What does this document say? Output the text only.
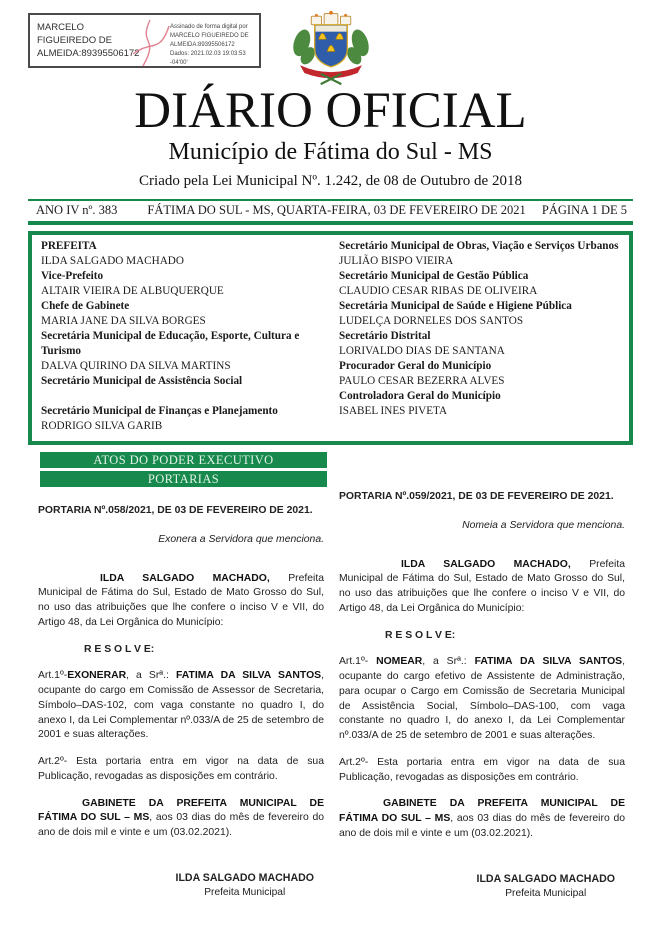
MARCELO FIGUEIREDO DE ALMEIDA:89395506172
Assinado de forma digital por MARCELO FIGUEIREDO DE ALMEIDA:89395506172
Dados: 2021.02.03 19:03:53 -04'00'
DIÁRIO OFICIAL
Município de Fátima do Sul - MS
Criado pela Lei Municipal Nº. 1.242, de 08 de Outubro de 2018
ANO IV nº. 383 FÁTIMA DO SUL - MS, QUARTA-FEIRA, 03 DE FEVEREIRO DE 2021	PÁGINA 1 DE 5
PREFEITA
ILDA SALGADO MACHADO
Vice-Prefeito
ALTAIR VIEIRA DE ALBUQUERQUE
Chefe de Gabinete
MARIA JANE DA SILVA BORGES
Secretária Municipal de Educação, Esporte, Cultura e Turismo
DALVA QUIRINO DA SILVA MARTINS
Secretário Municipal de Assistência Social
Secretário Municipal de Finanças e Planejamento
RODRIGO SILVA GARIB
Secretário Municipal de Obras, Viação e Serviços Urbanos
JULIÃO BISPO VIEIRA
Secretário Municipal de Gestão Pública
CLAUDIO CESAR RIBAS DE OLIVEIRA
Secretária Municipal de Saúde e Higiene Pública
LUDELÇA DORNELES DOS SANTOS
Secretário Distrital
LORIVALDO DIAS DE SANTANA
Procurador Geral do Município
PAULO CESAR BEZERRA ALVES
Controladora Geral do Município
ISABEL INES PIVETA
ATOS DO PODER EXECUTIVO
PORTARIAS

PORTARIA Nº.058/2021, DE 03 DE FEVEREIRO DE 2021.

Exonera a Servidora que menciona.

ILDA SALGADO MACHADO, Prefeita Municipal de Fátima do Sul, Estado de Mato Grosso do Sul, no uso das atribuições que lhe confere o inciso V e VII, do Artigo 48, da Lei Orgânica do Município:

R E S O L V E:

Art.1º-EXONERAR, a Srª.: FATIMA DA SILVA SANTOS, ocupante do cargo em Comissão de Assessor de Secretaria, Símbolo–DAS-102, com vaga constante no quadro I, do anexo I, da Lei Complementar nº.033/A de 25 de setembro de 2001 e suas alterações.

Art.2º- Esta portaria entra em vigor na data de sua Publicação, revogadas as disposições em contrário.

GABINETE DA PREFEITA MUNICIPAL DE FÁTIMA DO SUL – MS, aos 03 dias do mês de fevereiro do ano de dois mil e vinte e um (03.02.2021).

ILDA SALGADO MACHADO
Prefeita Municipal

PORTARIA Nº.059/2021, DE 03 DE FEVEREIRO DE 2021.

Nomeia a Servidora que menciona.

ILDA SALGADO MACHADO, Prefeita Municipal de Fátima do Sul, Estado de Mato Grosso do Sul, no uso das atribuições que lhe confere o inciso V e VII, do Artigo 48, da Lei Orgânica do Município:

R E S O L V E:

Art.1º- NOMEAR, a Srª.: FATIMA DA SILVA SANTOS, ocupante do cargo efetivo de Assistente de Administração, para ocupar o Cargo em Comissão de Secretaria Municipal de Assistência Social, Símbolo–DAS-100, com vaga constante no quadro I, do anexo I, da Lei Complementar nº.033/A de 25 de setembro de 2001 e suas alterações.

Art.2º- Esta portaria entra em vigor na data de sua Publicação, revogadas as disposições em contrário.

GABINETE DA PREFEITA MUNICIPAL DE FÁTIMA DO SUL – MS, aos 03 dias do mês de fevereiro do ano de dois mil e vinte e um (03.02.2021).

ILDA SALGADO MACHADO
Prefeita Municipal
